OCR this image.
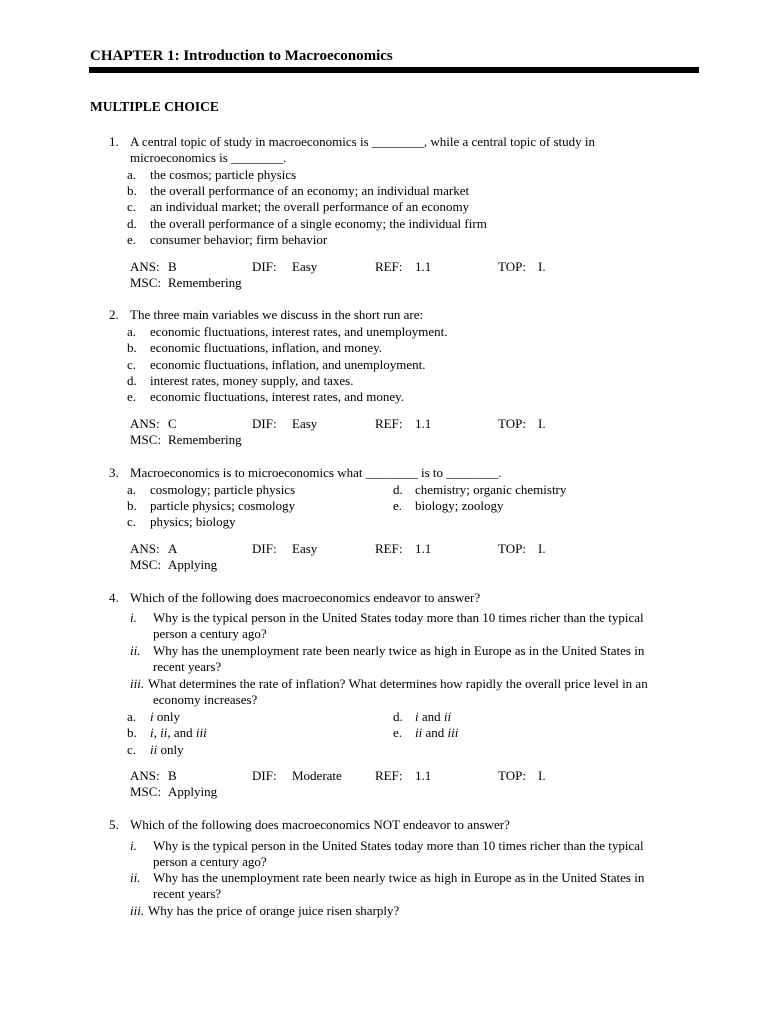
CHAPTER 1: Introduction to Macroeconomics
MULTIPLE CHOICE
1. A central topic of study in macroeconomics is ________, while a central topic of study in
microeconomics is ________.
a. the cosmos; particle physics
b. the overall performance of an economy; an individual market
c. an individual market; the overall performance of an economy
d. the overall performance of a single economy; the individual firm
e. consumer behavior; firm behavior
ANS: B	DIF: Easy	REF: 1.1	TOP: I.
MSC: Remembering
2. The three main variables we discuss in the short run are:
a. economic fluctuations, interest rates, and unemployment.
b. economic fluctuations, inflation, and money.
c. economic fluctuations, inflation, and unemployment.
d. interest rates, money supply, and taxes.
e. economic fluctuations, interest rates, and money.
ANS: C	DIF: Easy	REF: 1.1	TOP: I.
MSC: Remembering
3. Macroeconomics is to microeconomics what ________ is to ________.
a. cosmology; particle physics
b. particle physics; cosmology
c. physics; biology
d. chemistry; organic chemistry
e. biology; zoology
ANS: A	DIF: Easy	REF: 1.1	TOP: I.
MSC: Applying
4. Which of the following does macroeconomics endeavor to answer?
i. Why is the typical person in the United States today more than 10 times richer than the typical
person a century ago?
ii. Why has the unemployment rate been nearly twice as high in Europe as in the United States in
recent years?
iii. What determines the rate of inflation? What determines how rapidly the overall price level in an
economy increases?
a. i only
b. i, ii, and iii
c. ii only
d. i and ii
e. ii and iii
ANS: B	DIF: Moderate	REF: 1.1	TOP: I.
MSC: Applying
5. Which of the following does macroeconomics NOT endeavor to answer?
i. Why is the typical person in the United States today more than 10 times richer than the typical
person a century ago?
ii. Why has the unemployment rate been nearly twice as high in Europe as in the United States in
recent years?
iii. Why has the price of orange juice risen sharply?
